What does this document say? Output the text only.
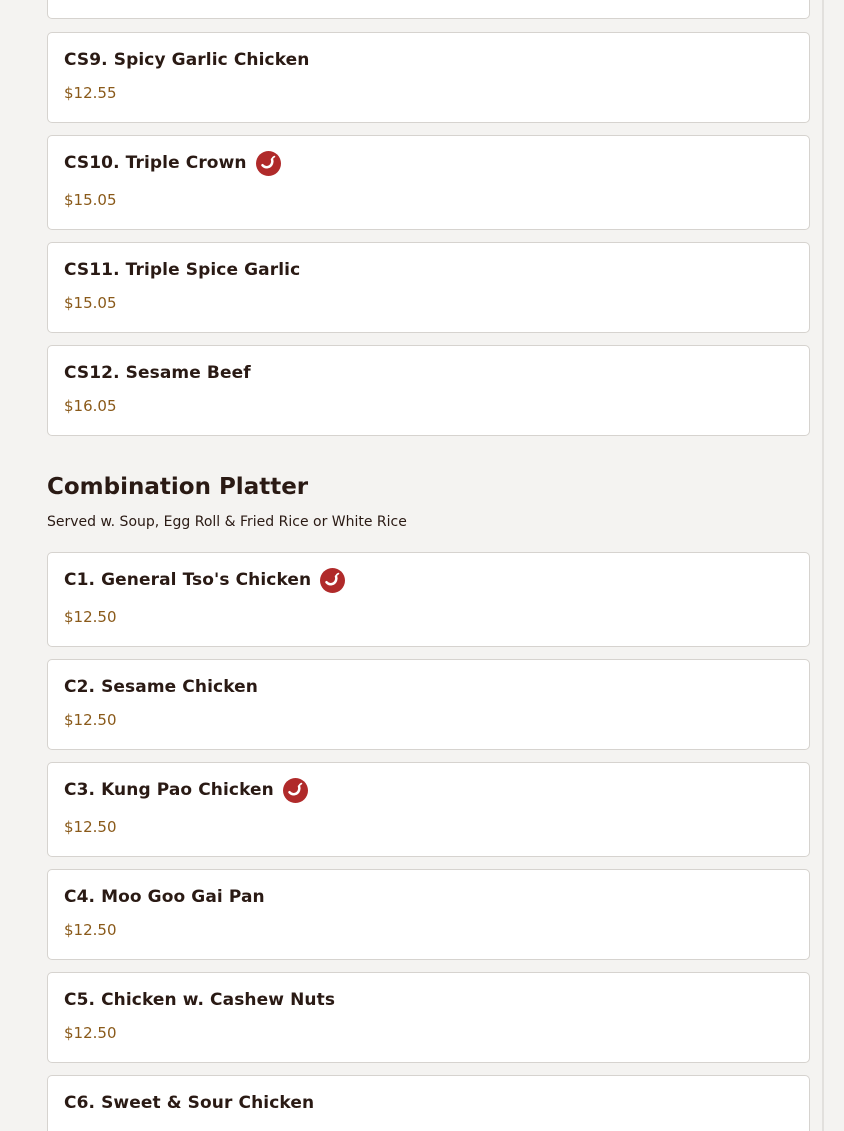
CS9. Spicy Garlic Chicken
$12.55
CS10. Triple Crown
$15.05
CS11. Triple Spice Garlic
$15.05
CS12. Sesame Beef
$16.05
Combination Platter

Served w. Soup, Egg Roll & Fried Rice or White Rice

C1. General Tso's Chicken
$12.50
C2. Sesame Chicken
$12.50
C3. Kung Pao Chicken
$12.50
C4. Moo Goo Gai Pan
$12.50
C5. Chicken w. Cashew Nuts
$12.50
C6. Sweet & Sour Chicken
